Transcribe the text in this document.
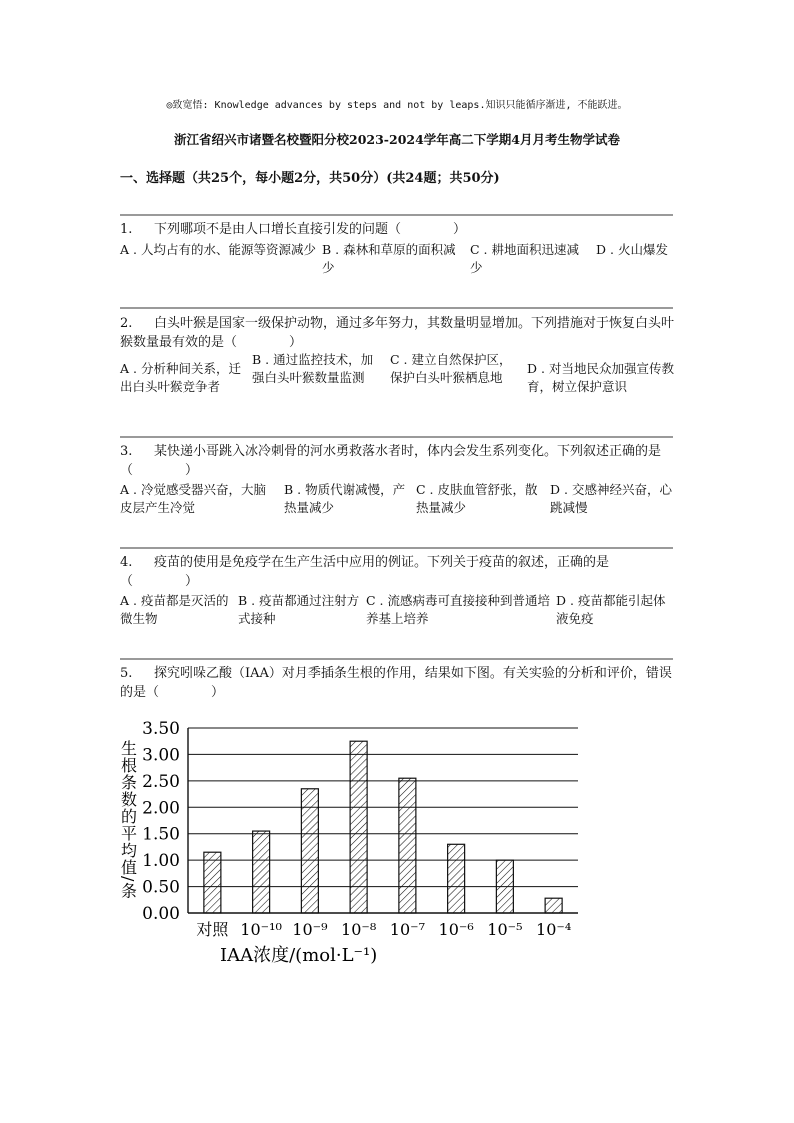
◎致宽悟: Knowledge advances by steps and not by leaps.知识只能循序渐进, 不能跃进。
浙江省绍兴市诸暨名校暨阳分校2023-2024学年高二下学期4月月考生物学试卷
一、选择题（共25个，每小题2分，共50分）(共24题；共50分)
1. 下列哪项不是由人口增长直接引发的问题（　　　　）
A . 人均占有的水、能源等资源减少 B . 森林和草原的面积减少
C . 耕地面积迅速减少
D . 火山爆发
2. 白头叶猴是国家一级保护动物，通过多年努力，其数量明显增加。下列措施对于恢复白头叶猴数量最有效的是（　　　　）
A . 分析种间关系，迁出白头叶猴竞争者
B . 通过监控技术，加强白头叶猴数量监测
C . 建立自然保护区，保护白头叶猴栖息地
D . 对当地民众加强宣传教育，树立保护意识
3. 某快递小哥跳入冰冷刺骨的河水勇救落水者时，体内会发生系列变化。下列叙述正确的是（　　　　）
A . 冷觉感受器兴奋，大脑皮层产生冷觉
B . 物质代谢减慢，产热量减少
C . 皮肤血管舒张，散热量减少
D . 交感神经兴奋，心跳减慢
4. 疫苗的使用是免疫学在生产生活中应用的例证。下列关于疫苗的叙述，正确的是（　　　　）
A . 疫苗都是灭活的微生物
B . 疫苗都通过注射方式接种
C . 流感病毒可直接接种到普通培养基上培养
D . 疫苗都能引起体液免疫
5. 探究吲哚乙酸（IAA）对月季插条生根的作用，结果如下图。有关实验的分析和评价，错误的是（　　　　）
0.00
0.50
1.00
1.50
2.00
2.50
3.00
3.50
对照 10⁻¹⁰ 10⁻⁹ 10⁻⁸ 10⁻⁷ 10⁻⁶ 10⁻⁵ 10⁻⁴
生根条数的平均值/条
IAA浓度/(mol·L⁻¹)
